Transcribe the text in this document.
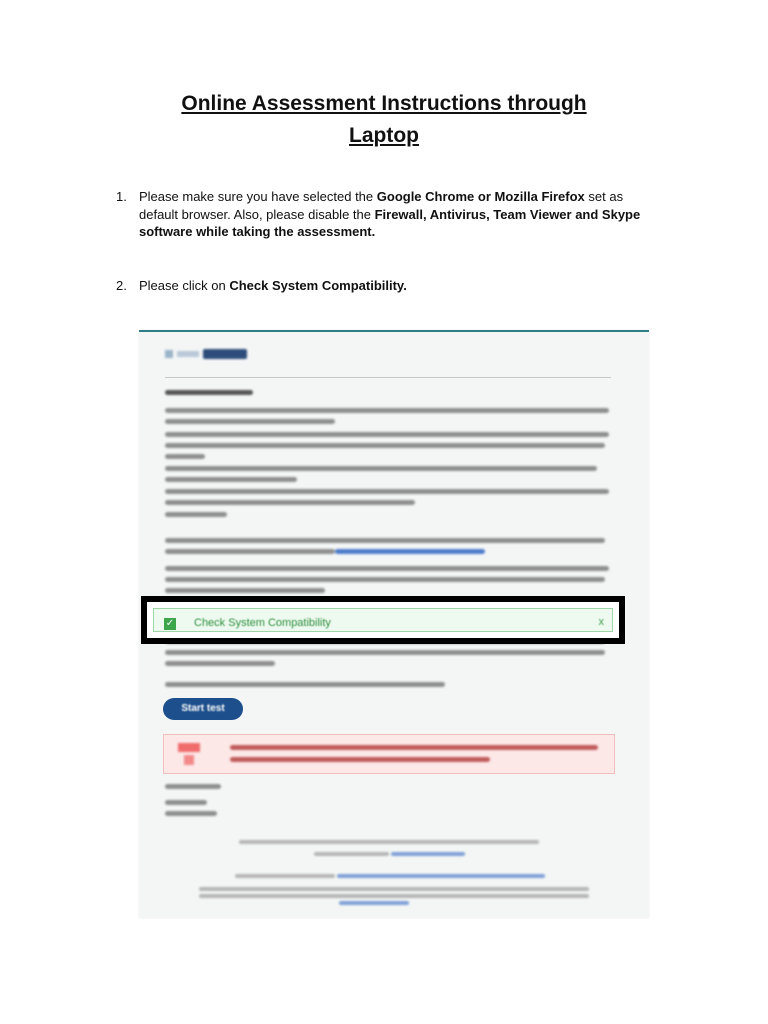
Online Assessment Instructions through
Laptop
1. Please make sure you have selected the Google Chrome or Mozilla Firefox set as default browser. Also, please disable the Firewall, Antivirus, Team Viewer and Skype software while taking the assessment.
2. Please click on Check System Compatibility.
Start test
✓ Check System Compatibility	x
